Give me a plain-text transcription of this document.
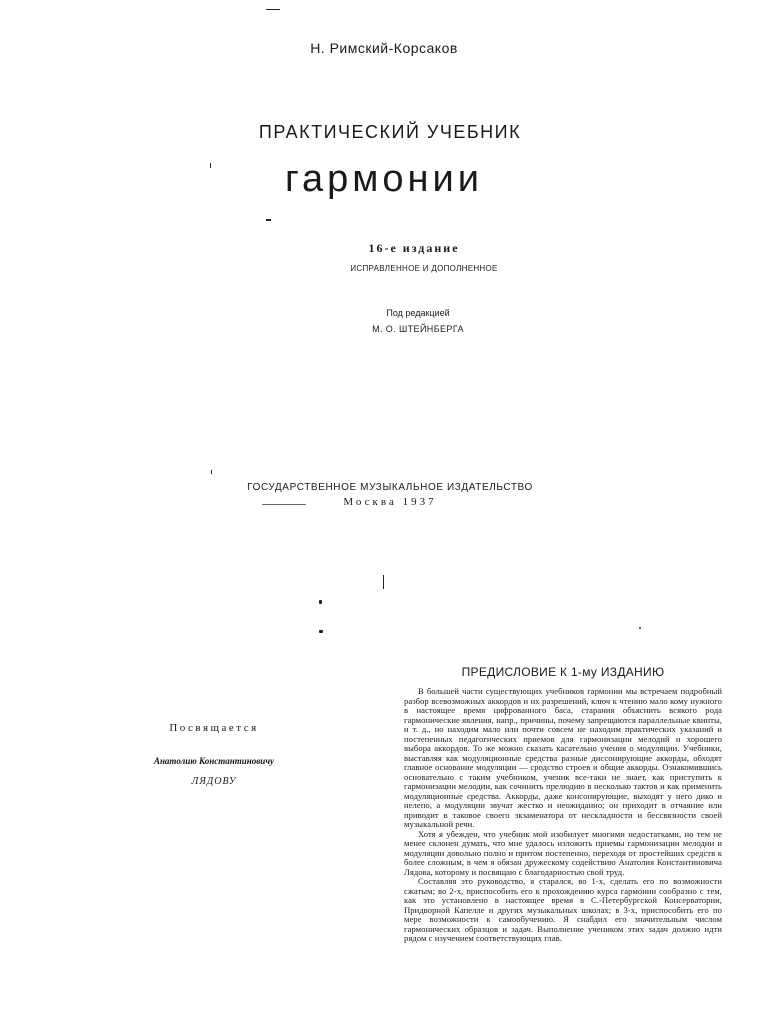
Н. Римский-Корсаков
ПРАКТИЧЕСКИЙ УЧЕБНИК
гармонии
16-е издание
ИСПРАВЛЕННОЕ И ДОПОЛНЕННОЕ
Под редакцией
М. О. ШТЕЙНБЕРГА
ГОСУДАРСТВЕННОЕ МУЗЫКАЛЬНОЕ ИЗДАТЕЛЬСТВО
Москва 1937
Посвящается
Анатолию Константиновичу
ЛЯДОВУ
ПРЕДИСЛОВИЕ К 1-му ИЗДАНИЮ

В большей части существующих учебников гармонии мы встречаем подробный разбор всевозможных аккордов и их разрешений, ключ к чтению мало кому нужного в настоящее время цифрованного баса, старания объяснить всякого рода гармонические явления, напр., причины, почему запрещаются параллельные квинты, и т. д., но находим мало или почти совсем не находим практических указаний и постепенных педагогических приемов для гармонизации мелодий и хорошего выбора аккордов. То же можно сказать касательно учения о модуляции. Учебники, выставляя как модуляционные средства разные диссонирующие аккорды, обходят главное основание модуляции — сродство строев и общие аккорды. Ознакомившись основательно с таким учебником, ученик все-таки не знает, как приступить к гармонизации мелодии, как сочинить прелюдию в несколько тактов и как применить модуляционные средства. Аккорды, даже консонирующие, выходят у него дико и нелепо, а модуляции звучат жестко и неожиданно; он приходит в отчаяние или приводит в таковое своего экзаменатора от нескладности и бессвязности своей музыкальной речи.

Хотя я убежден, что учебник мой изобилует многими недостатками, но тем не менее склонен думать, что мне удалось изложить приемы гармонизации мелодии и модуляции довольно полно и притом постепенно, переходя от простейших средств к более сложным, в чем я обязан дружескому содействию Анатолия Константиновича Лядова, которому и посвящаю с благодарностью свой труд.

Составляя это руководство, я старался, во 1-х, сделать его по возможности сжатым; во 2-х, приспособить его к прохождению курса гармонии сообразно с тем, как это установлено в настоящее время в С.-Петербургской Консерватории, Придворной Капелле и других музыкальных школах; в 3-х, приспособить его по мере возможности к самообучению. Я снабдил его значительным числом гармонических образцов и задач. Выполнение учеником этих задач должно идти рядом с изучением соответствующих глав.
